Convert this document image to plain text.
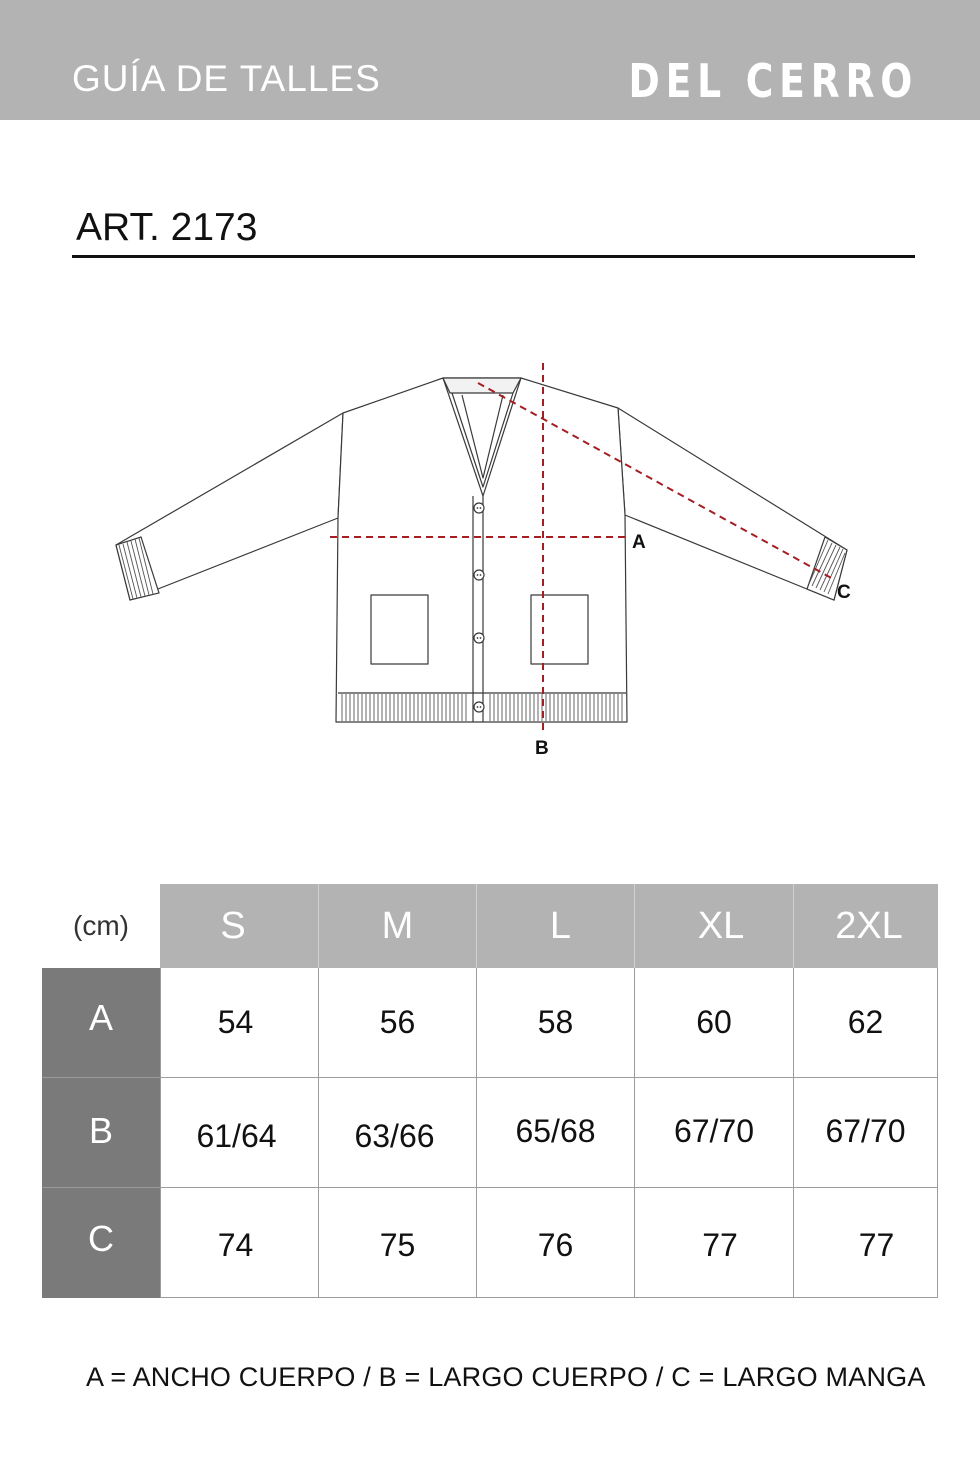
GUÍA DE TALLES	DEL CERRO
ART. 2173
A
B
C
(cm)	S	M	L	XL	2XL
A	54	56	58	60	62
B	61/64	63/66	65/68	67/70	67/70
C	74	75	76	77	77
A = ANCHO CUERPO / B = LARGO CUERPO / C = LARGO MANGA
